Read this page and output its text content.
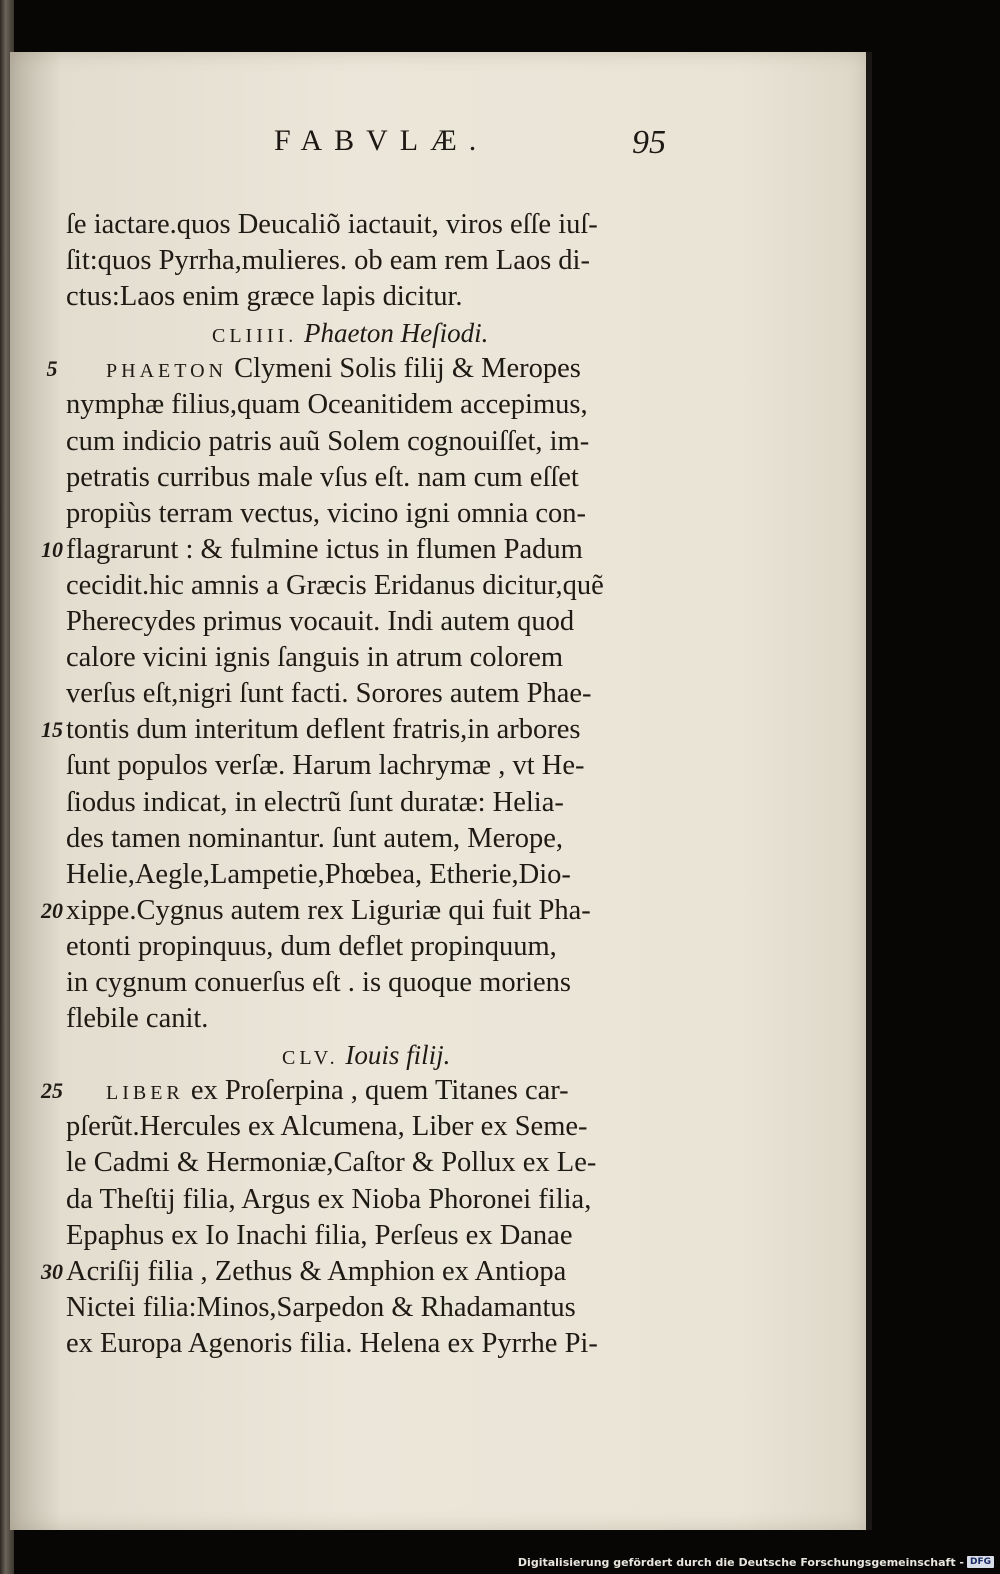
FABVLÆ.	95
ſe iactare.quos Deucaliõ iactauit, viros eſſe iuſ-
ſit:quos Pyrrha,mulieres. ob eam rem Laos di-
ctus:Laos enim græce lapis dicitur.
CLIIII. Phaeton Heſiodi.
5	PHAETON Clymeni Solis filij & Meropes
nymphæ filius,quam Oceanitidem accepimus,
cum indicio patris auũ Solem cognouiſſet, im-
petratis curribus male vſus eſt. nam cum eſſet
propiùs terram vectus, vicino igni omnia con-
10 flagrarunt : & fulmine ictus in flumen Padum
cecidit.hic amnis a Græcis Eridanus dicitur,quẽ
Pherecydes primus vocauit. Indi autem quod
calore vicini ignis ſanguis in atrum colorem
verſus eſt,nigri ſunt facti. Sorores autem Phae-
15 tontis dum interitum deflent fratris,in arbores
ſunt populos verſæ. Harum lachrymæ , vt He-
ſiodus indicat, in electrũ ſunt duratæ: Helia-
des tamen nominantur. ſunt autem, Merope,
Helie,Aegle,Lampetie,Phœbea, Etherie,Dio-
20 xippe.Cygnus autem rex Liguriæ qui fuit Pha-
etonti propinquus, dum deflet propinquum,
in cygnum conuerſus eſt . is quoque moriens
flebile canit.
CLV. Iouis filij.
25 LIBER ex Proſerpina , quem Titanes car-
pſerũt.Hercules ex Alcumena, Liber ex Seme-
le Cadmi & Hermoniæ,Caſtor & Pollux ex Le-
da Theſtij filia, Argus ex Nioba Phoronei filia,
Epaphus ex Io Inachi filia, Perſeus ex Danae
30 Acriſij filia , Zethus & Amphion ex Antiopa
Nictei filia:Minos,Sarpedon & Rhadamantus
ex Europa Agenoris filia. Helena ex Pyrrhe Pi-
Digitalisierung gefördert durch die Deutsche Forschungsgemeinschaft - DFG
